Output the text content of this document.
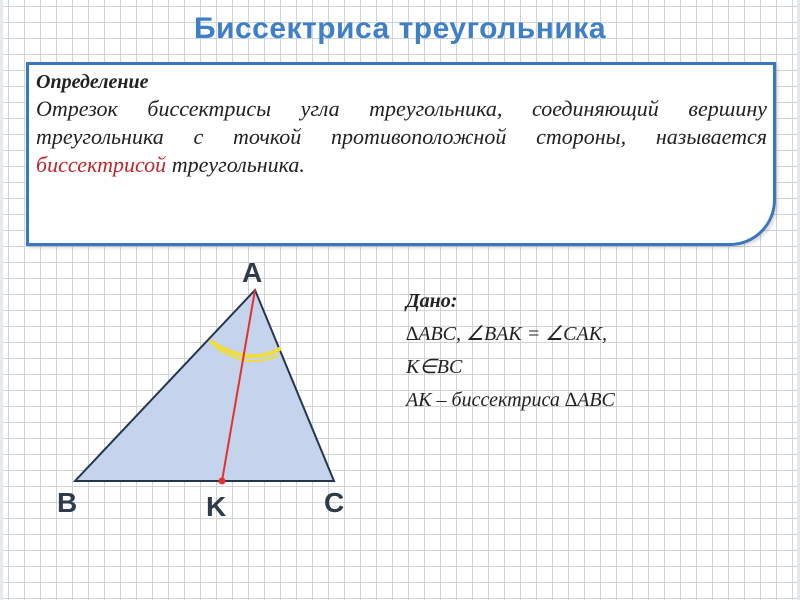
Биссектриса треугольника
Определение
Отрезок биссектрисы угла треугольника, соединяющий вершину треугольника с точкой противоположной стороны, называется биссектрисой треугольника.
A
B	K	C
Дано:
∆ABC, ∠BAK = ∠CAK,
K∈BC
AK – биссектриса ∆ABC
